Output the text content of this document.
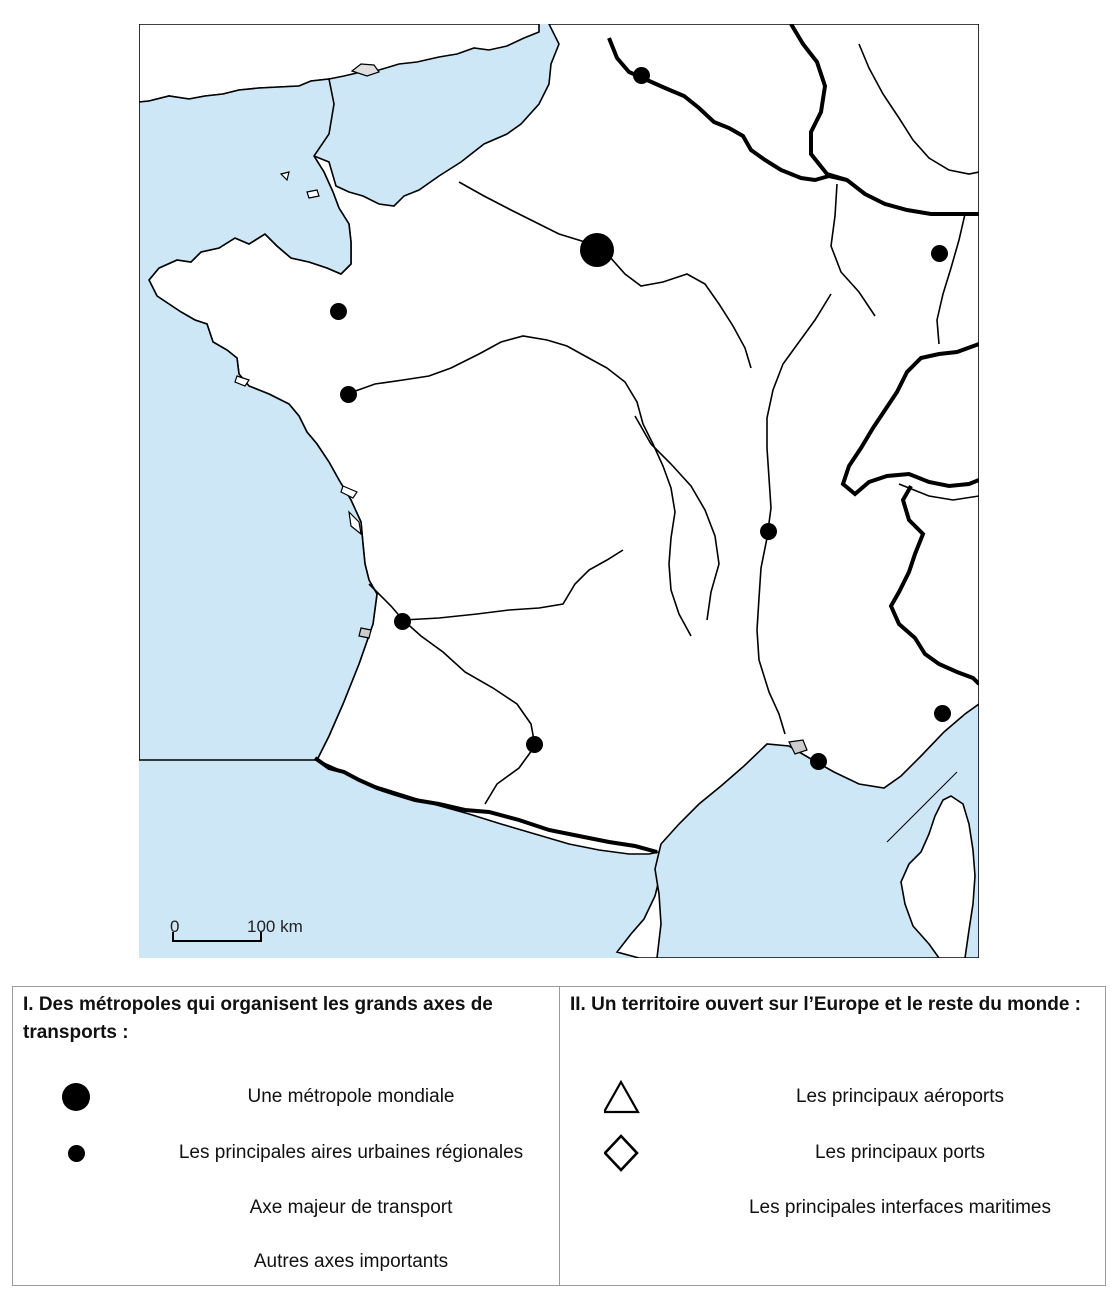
0	100 km
I. Des métropoles qui organisent les grands axes de transports :
Une métropole mondiale
Les principales aires urbaines régionales
Axe majeur de transport
Autres axes importants
II. Un territoire ouvert sur l’Europe et le reste du monde :
Les principaux aéroports
Les principaux ports
Les principales interfaces maritimes
